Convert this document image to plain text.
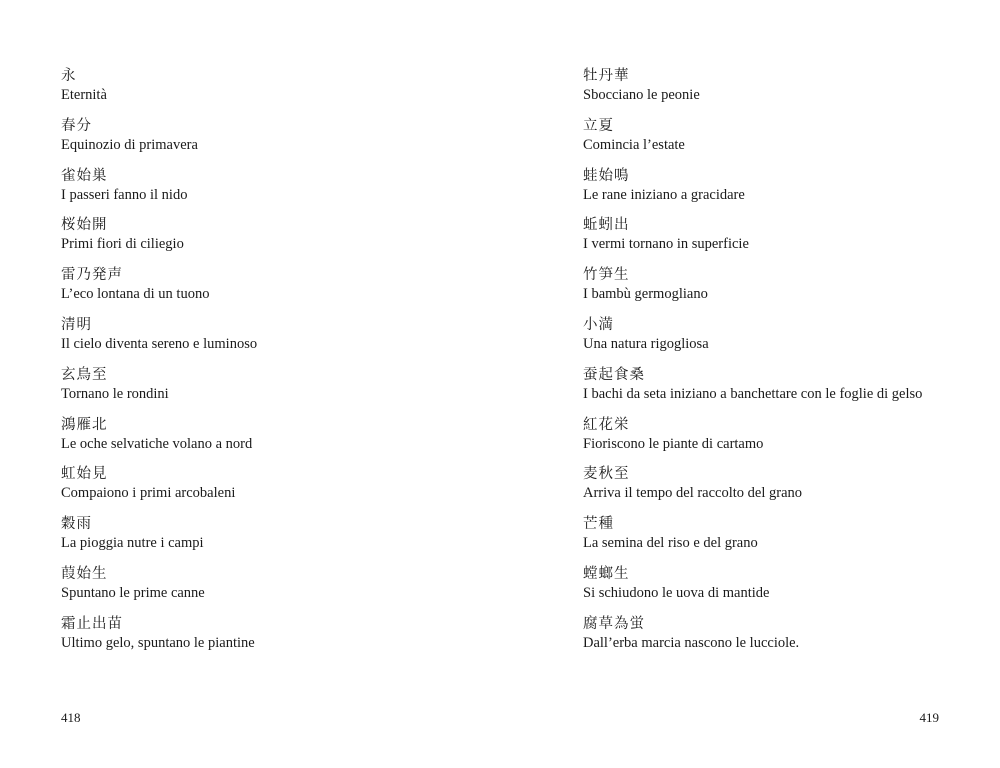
永
Eternità
春分
Equinozio di primavera
雀始巣
I passeri fanno il nido
桜始開
Primi fiori di ciliegio
雷乃発声
L’eco lontana di un tuono
清明
Il cielo diventa sereno e luminoso
玄鳥至
Tornano le rondini
鴻雁北
Le oche selvatiche volano a nord
虹始見
Compaiono i primi arcobaleni
穀雨
La pioggia nutre i campi
葭始生
Spuntano le prime canne
霜止出苗
Ultimo gelo, spuntano le piantine
418
牡丹華
Sbocciano le peonie
立夏
Comincia l’estate
蛙始鳴
Le rane iniziano a gracidare
蚯蚓出
I vermi tornano in superficie
竹笋生
I bambù germogliano
小満
Una natura rigogliosa
蚕起食桑
I bachi da seta iniziano a banchettare con le foglie di gelso
紅花栄
Fioriscono le piante di cartamo
麦秋至
Arriva il tempo del raccolto del grano
芒種
La semina del riso e del grano
螳螂生
Si schiudono le uova di mantide
腐草為蛍
Dall’erba marcia nascono le lucciole.
419
